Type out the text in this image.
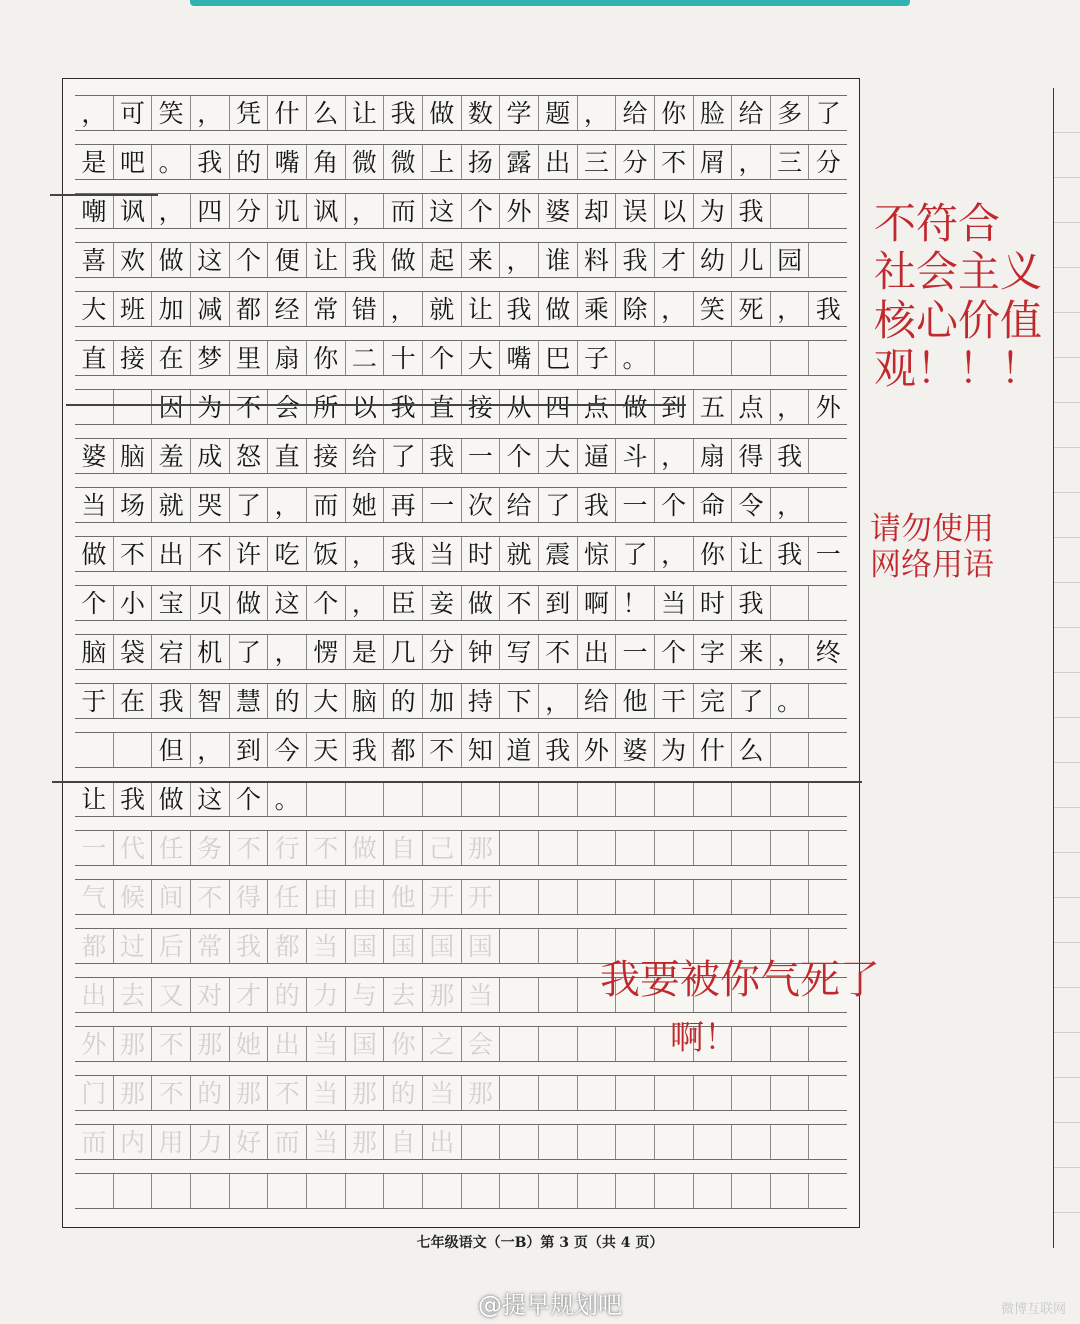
， 可 笑 ， 凭 什 么 让 我 做 数 学 题 ， 给 你 脸 给 多 了
是 吧 。 我 的 嘴 角 微 微 上 扬 露 出 三 分 不 屑 ， 三 分
嘲 讽 ， 四 分 讥 讽 ， 而 这 个 外 婆 却 误 以 为 我
喜 欢 做 这 个 便 让 我 做 起 来 ， 谁 料 我 才 幼 儿 园
大 班 加 减 都 经 常 错 ， 就 让 我 做 乘 除 ， 笑 死 ， 我
直 接 在 梦 里 扇 你 二 十 个 大 嘴 巴 子 。

因 为 不 会 所 以 我 直 接 从 四 点 做 到 五 点 ， 外
婆 脑 羞 成 怒 直 接 给 了 我 一 个 大 逼 斗 ， 扇 得 我
当 场 就 哭 了 ， 而 她 再 一 次 给 了 我 一 个 命 令 ，
做 不 出 不 许 吃 饭 ， 我 当 时 就 震 惊 了 ， 你 让 我 一
个 小 宝 贝 做 这 个 ， 臣 妾 做 不 到 啊 ！ 当 时 我
脑 袋 宕 机 了 ， 愣 是 几 分 钟 写 不 出 一 个 字 来 ， 终
于 在 我 智 慧 的 大 脑 的 加 持 下 ， 给 他 干 完 了 。

但 ， 到 今 天 我 都 不 知 道 我 外 婆 为 什 么
让 我 做 这 个 。
一 代 任 务 不 行 不 做 自 己 那
气 候 间 不 得 任 由 由 他 开 开
都 过 后 常 我 都 当 国 国 国 国
出 去 又 对 才 的 力 与 去 那 当
外 那 不 那 她 出 当 国 你 之 会
门 那 不 的 那 不 当 那 的 当 那
而 内 用 力 好 而 当 那 自 出
不符合
社会主义
核心价值
观！！！
请勿使用
网络用语
我要被你气死了
啊！
七年级语文（一B）第 3 页（共 4 页）
@提早规划吧	微博互联网
